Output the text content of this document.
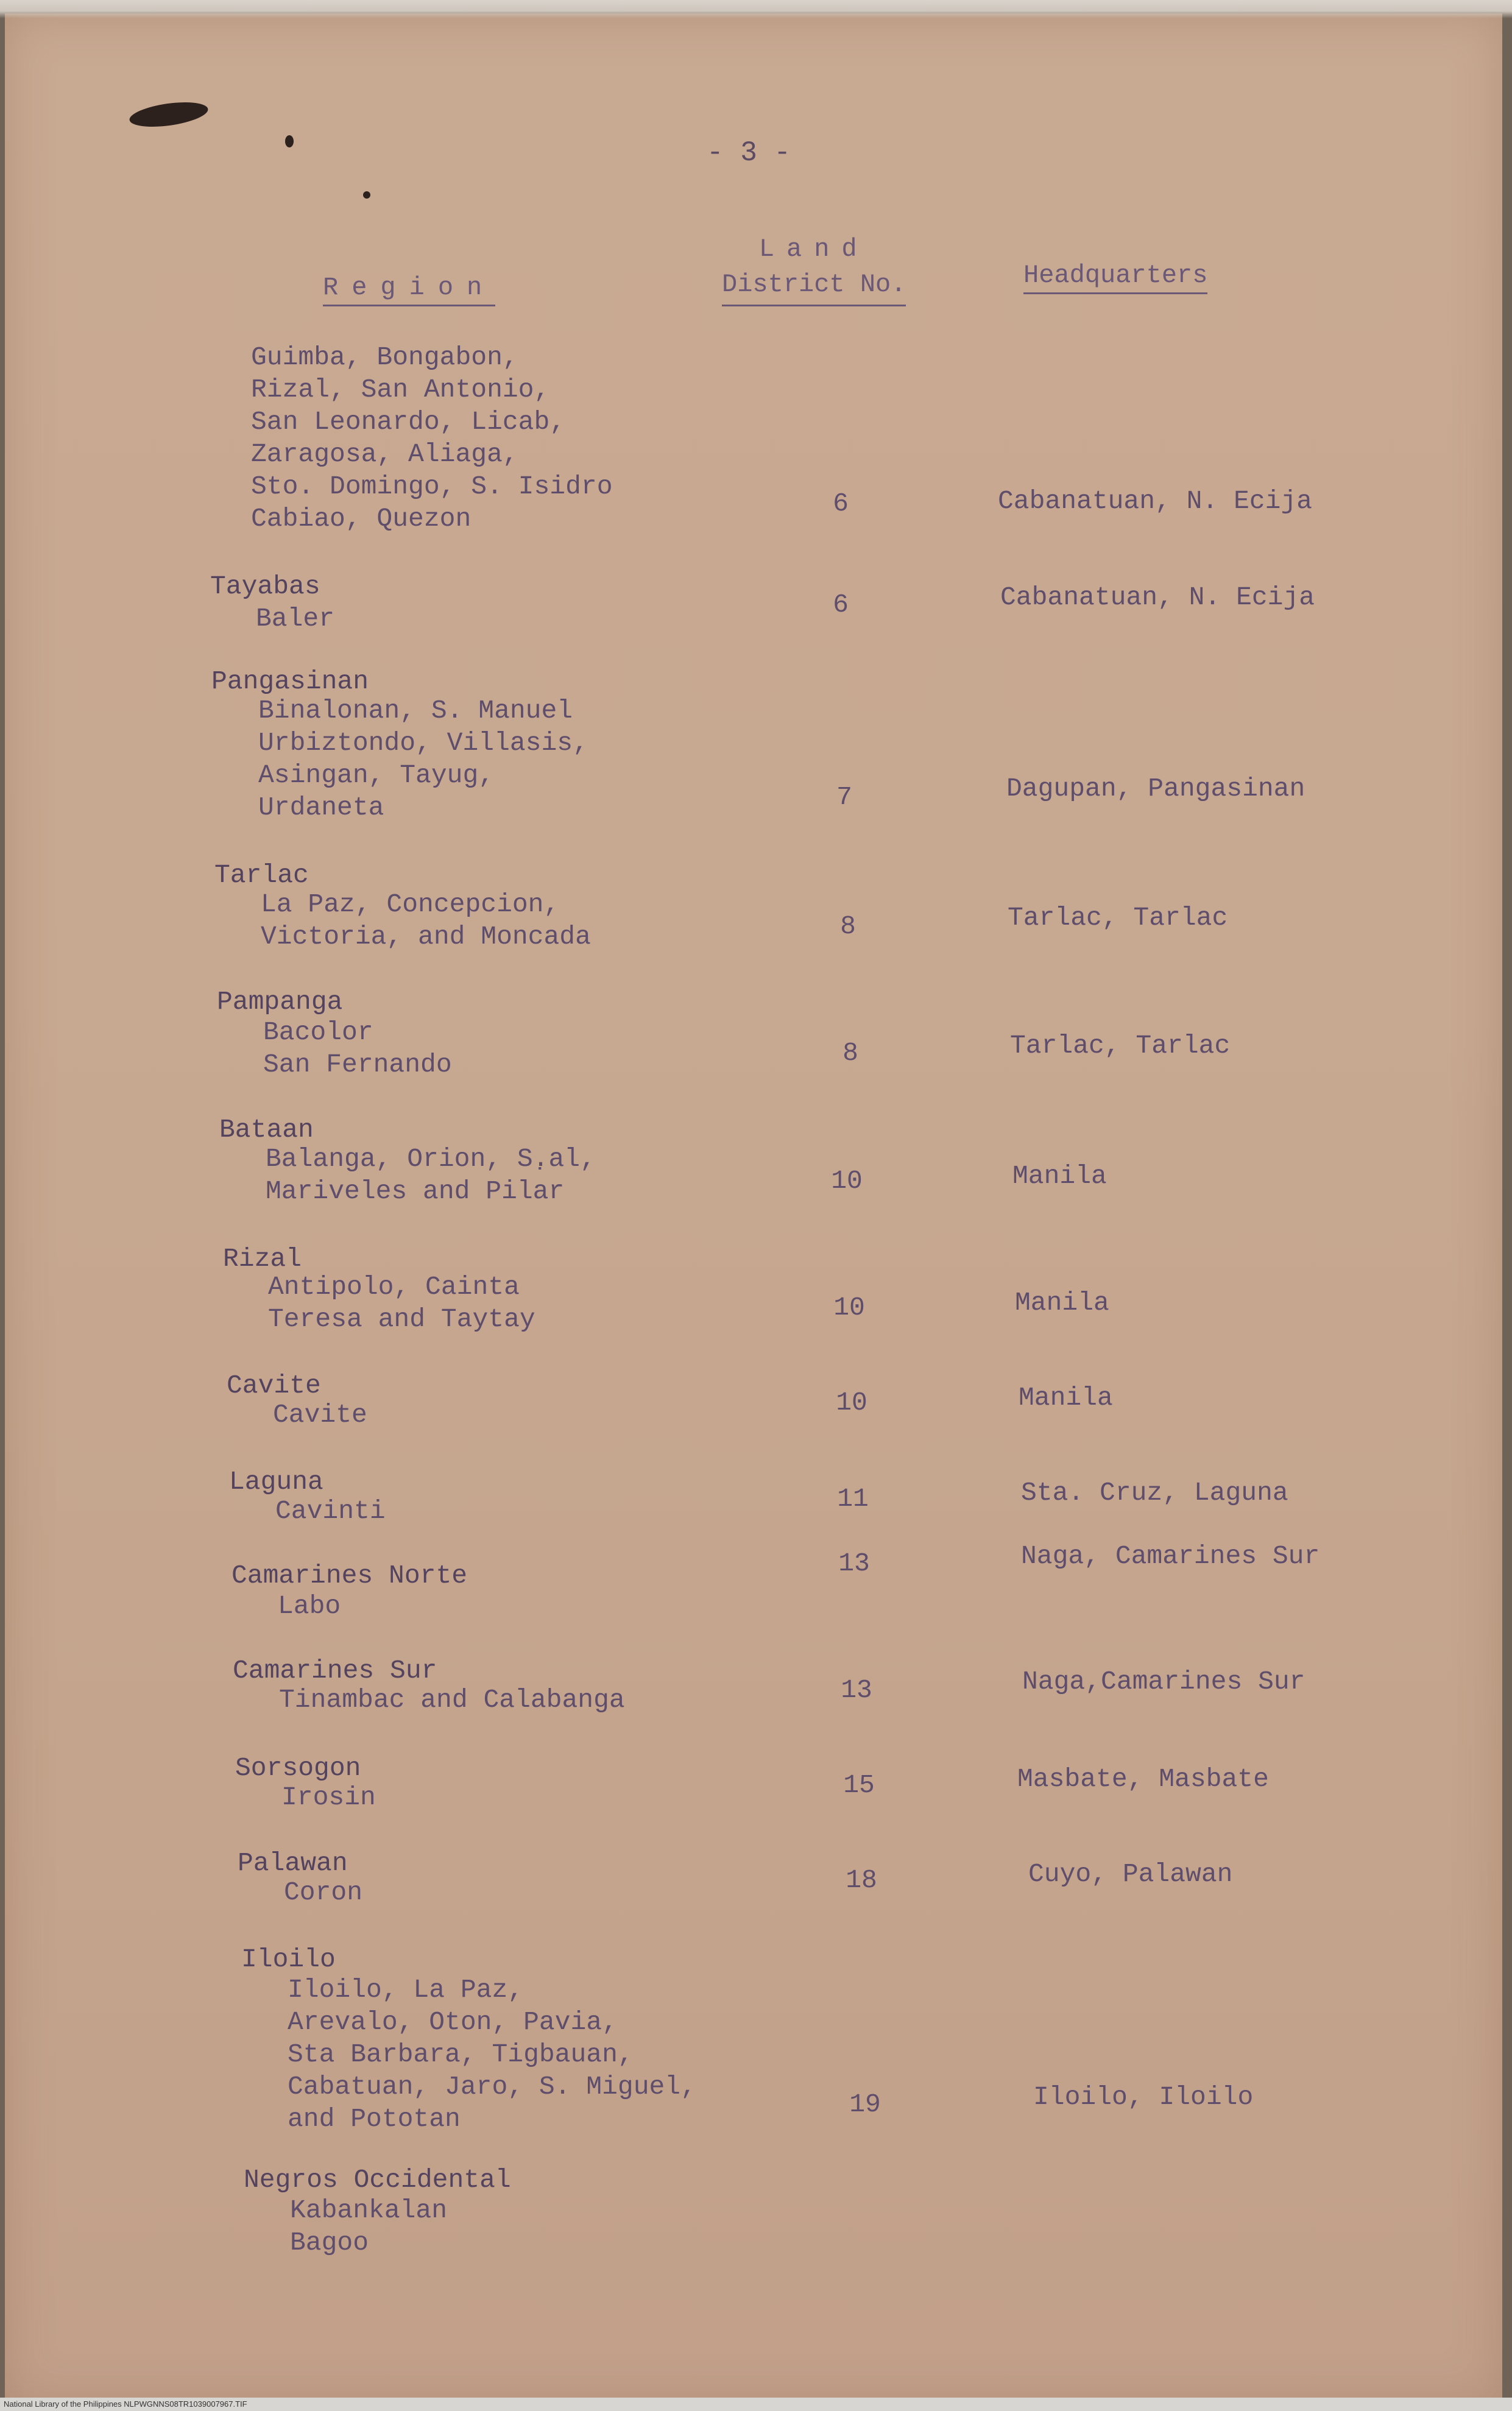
- 3 -
Region
Land
District No.	Headquarters
Guimba, Bongabon,
Rizal, San Antonio,
San Leonardo, Licab,
Zaragosa, Aliaga,
Sto. Domingo, S. Isidro
Cabiao, Quezon
6	Cabanatuan, N. Ecija
Tayabas
Baler	6	Cabanatuan, N. Ecija
Pangasinan
Binalonan, S. Manuel
Urbiztondo, Villasis,
Asingan, Tayug,
Urdaneta	7	Dagupan, Pangasinan
Tarlac
La Paz, Concepcion,
Victoria, and Moncada	8	Tarlac, Tarlac
Pampanga
Bacolor
San Fernando	8	Tarlac, Tarlac
Bataan
Balanga, Orion, S.̣al,
Mariveles and Pilar	10	Manila
Rizal
Antipolo, Cainta
Teresa and Taytay	10	Manila
Cavite
Cavite	10	Manila
Laguna
Cavinti	11	Sta. Cruz, Laguna
Camarines Norte
Labo
13	Naga, Camarines Sur
Camarines Sur
Tinambac and Calabanga	13	Naga,Camarines Sur
Sorsogon
Irosin	15	Masbate, Masbate
Palawan
Coron	18	Cuyo, Palawan
Iloilo
Iloilo, La Paz,
Arevalo, Oton, Pavia,
Sta Barbara, Tigbauan,
Cabatuan, Jaro, S. Miguel,
and Pototan	19	Iloilo, Iloilo
Negros Occidental
Kabankalan
Bagoo
National Library of the Philippines NLPWGNNS08TR1039007967.TIF
